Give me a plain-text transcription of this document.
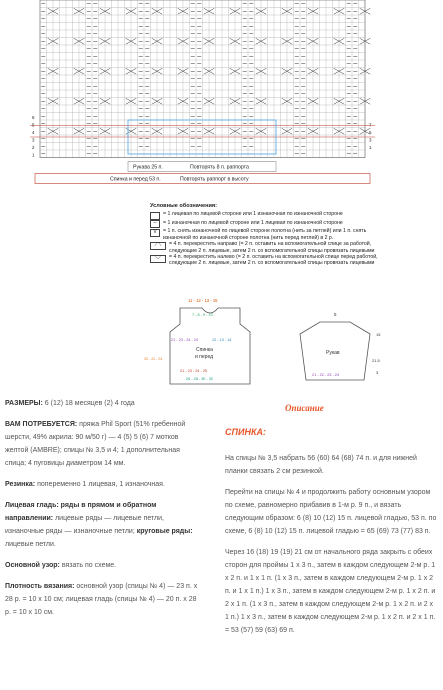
Рукава 25 п.	Повторять 8 п. раппорта
Спинка и перед 53 п.	Повторять раппорт в высоту
6
5
4
3
2
1
7
5
3
1
Условные обозначения:
= 1 лицевая по лицевой стороне или 1 изнаночная по изнаночной стороне
–	= 1 изнаночная по лицевой стороне или 1 лицевая по изнаночной стороне
V	= 1 п. снять изнаночной по лицевой стороне полотна (нить за петлей) или 1 п. снять изнаночной по изнаночной стороне полотна (нить перед петлей) в 2 р.
⟋⟍	= 4 п. перекрестить направо (= 2 п. оставить на вспомогательной спице за работой, следующие 2 п. лицевые, затем 2 п. со вспомогательной спицы провязать лицевыми
⟍⟋	= 4 п. перекрестить налево (= 2 п. оставить на вспомогательной спице перед работой, следующие 2 п. лицевые, затем 2 п. со вспомогательной спицы провязать лицевыми
11 - 12 - 13 - 15
7 - 8 - 9 - 10
21 - 23 - 24 - 24	12 - 13 - 14
Спинка
и перед
21 - 23 - 24 - 25
26 - 28 - 30 - 32
20 - 22 - 24
5
15
Рукав
21 - 22 - 23 - 24
21,5
3

РАЗМЕРЫ: 6 (12) 18 месяцев (2) 4 года

ВАМ ПОТРЕБУЕТСЯ: пряжа Phil Sport (51% гребенной шерсти, 49% акрила: 90 м/50 г) — 4 (5) 5 (6) 7 мотков желтой (AMBRE); спицы № 3,5 и 4; 1 дополнительная спица; 4 пуговицы диаметром 14 мм.

Резинка: попеременно 1 лицевая, 1 изнаночная.

Лицевая гладь: ряды в прямом и обратном направлении: лицевые ряды — лицевые петли, изнаночные ряды — изнаночные петли; круговые ряды: лицевые петли.

Основной узор: вязать по схеме.

Плотность вязания: основной узор (спицы № 4) — 23 п. х 28 р. = 10 х 10 см; лицевая гладь (спицы № 4) — 20 п. х 28 р. = 10 х 10 см.

Описание
СПИНКА:

На спицы № 3,5 набрать 56 (60) 64 (68) 74 п. и для нижней планки связать 2 см резинкой.

Перейти на спицы № 4 и продолжить работу основным узором по схеме, равномерно прибавив в 1-м р. 9 п., и вязать следующим образом: 6 (8) 10 (12) 15 п. лицевой гладью, 53 п. по схеме, 6 (8) 10 (12) 15 п. лицевой гладью = 65 (69) 73 (77) 83 п.

Через 16 (18) 19 (19) 21 см от начального ряда закрыть с обеих сторон для проймы 1 х 3 п., затем в каждом следующем 2-м р. 1 х 2 п. и 1 х 1 п. (1 х 3 п., затем в каждом следующем 2-м р. 1 х 2 п. и 1 х 1 п.) 1 х 3 п., затем в каждом следующем 2-м р. 1 х 2 п. и 2 х 1 п. (1 х 3 п., затем в каждом следующем 2-м р. 1 х 2 п. и 2 х 1 п.) 1 х 3 п., затем в каждом следующем 2-м р. 1 х 2 п. и 2 х 1 п. = 53 (57) 59 (63) 69 п.
